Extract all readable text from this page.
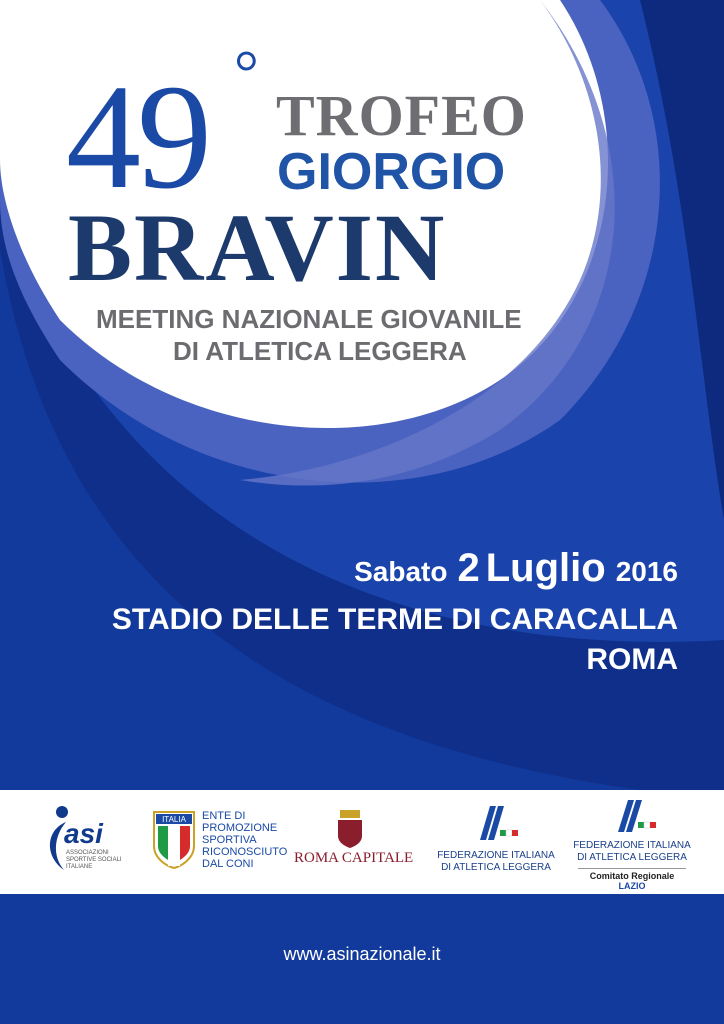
49 °

TROFEO

GIORGIO

BRAVIN

MEETING NAZIONALE GIOVANILE

DI ATLETICA LEGGERA

Sabato 2 Luglio 2016

STADIO DELLE TERME DI CARACALLA

ROMA

asi
ASSOCIAZIONI SPORTIVE SOCIALI ITALIANE
ITALIA ENTE DI PROMOZIONE SPORTIVA RICONOSCIUTO DAL CONI	ROMA CAPITALE FEDERAZIONE ITALIANA DI ATLETICA LEGGERA
FEDERAZIONE ITALIANA DI ATLETICA LEGGERA
Comitato Regionale LAZIO

www.asinazionale.it
